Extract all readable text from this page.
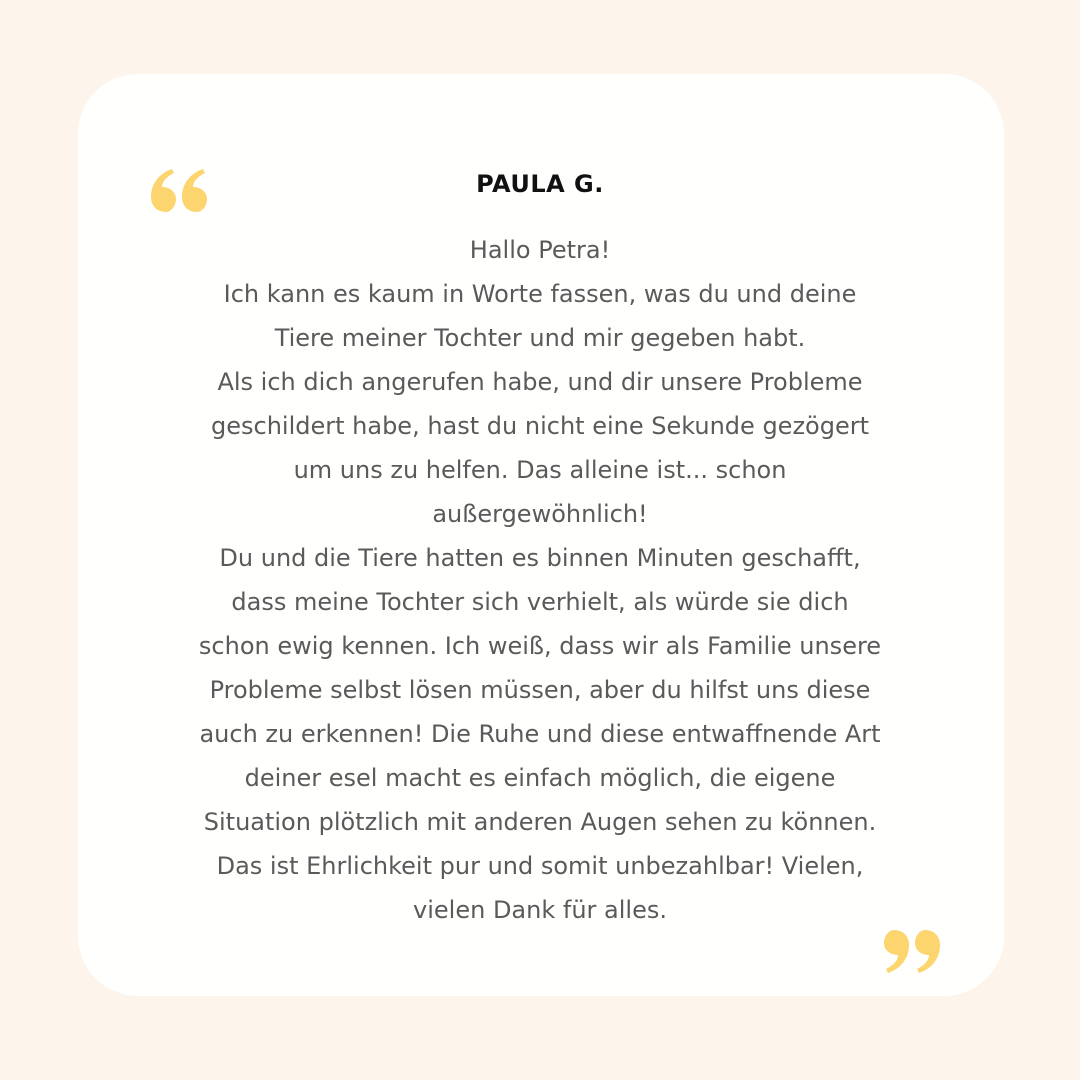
PAULA G.

Hallo Petra!
Ich kann es kaum in Worte fassen, was du und deine
Tiere meiner Tochter und mir gegeben habt.
Als ich dich angerufen habe, und dir unsere Probleme
geschildert habe, hast du nicht eine Sekunde gezögert
um uns zu helfen. Das alleine ist... schon
außergewöhnlich!
Du und die Tiere hatten es binnen Minuten geschafft,
dass meine Tochter sich verhielt, als würde sie dich
schon ewig kennen. Ich weiß, dass wir als Familie unsere
Probleme selbst lösen müssen, aber du hilfst uns diese
auch zu erkennen! Die Ruhe und diese entwaffnende Art
deiner esel macht es einfach möglich, die eigene
Situation plötzlich mit anderen Augen sehen zu können.
Das ist Ehrlichkeit pur und somit unbezahlbar! Vielen,
vielen Dank für alles.
